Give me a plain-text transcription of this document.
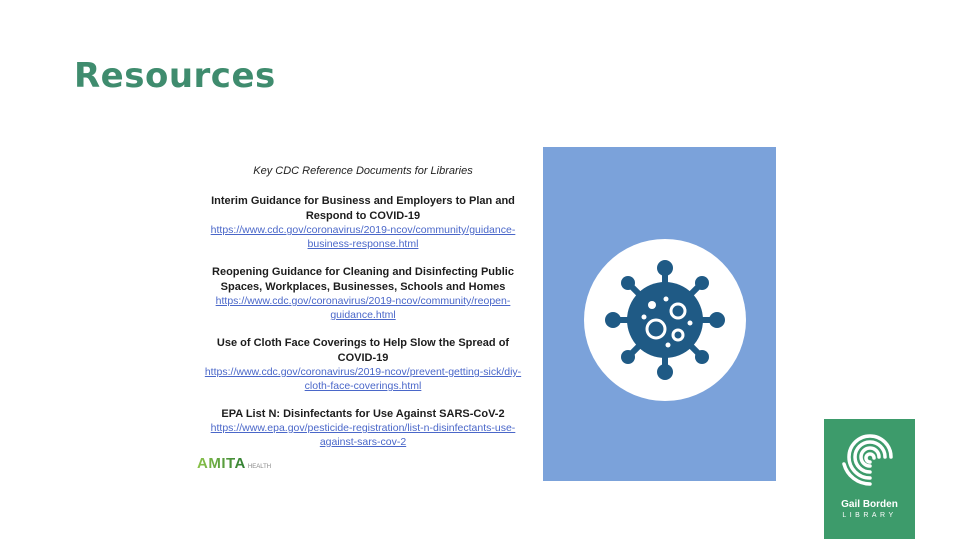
Resources
Key CDC Reference Documents for Libraries
Interim Guidance for Business and Employers to Plan and Respond to COVID-19
https://www.cdc.gov/coronavirus/2019-ncov/community/guidance-business-response.html
Reopening Guidance for Cleaning and Disinfecting Public Spaces, Workplaces, Businesses, Schools and Homes
https://www.cdc.gov/coronavirus/2019-ncov/community/reopen-guidance.html
Use of Cloth Face Coverings to Help Slow the Spread of COVID-19
https://www.cdc.gov/coronavirus/2019-ncov/prevent-getting-sick/diy-cloth-face-coverings.html
EPA List N: Disinfectants for Use Against SARS-CoV-2
https://www.epa.gov/pesticide-registration/list-n-disinfectants-use-against-sars-cov-2
AMITA HEALTH
Gail Borden
LIBRARY
